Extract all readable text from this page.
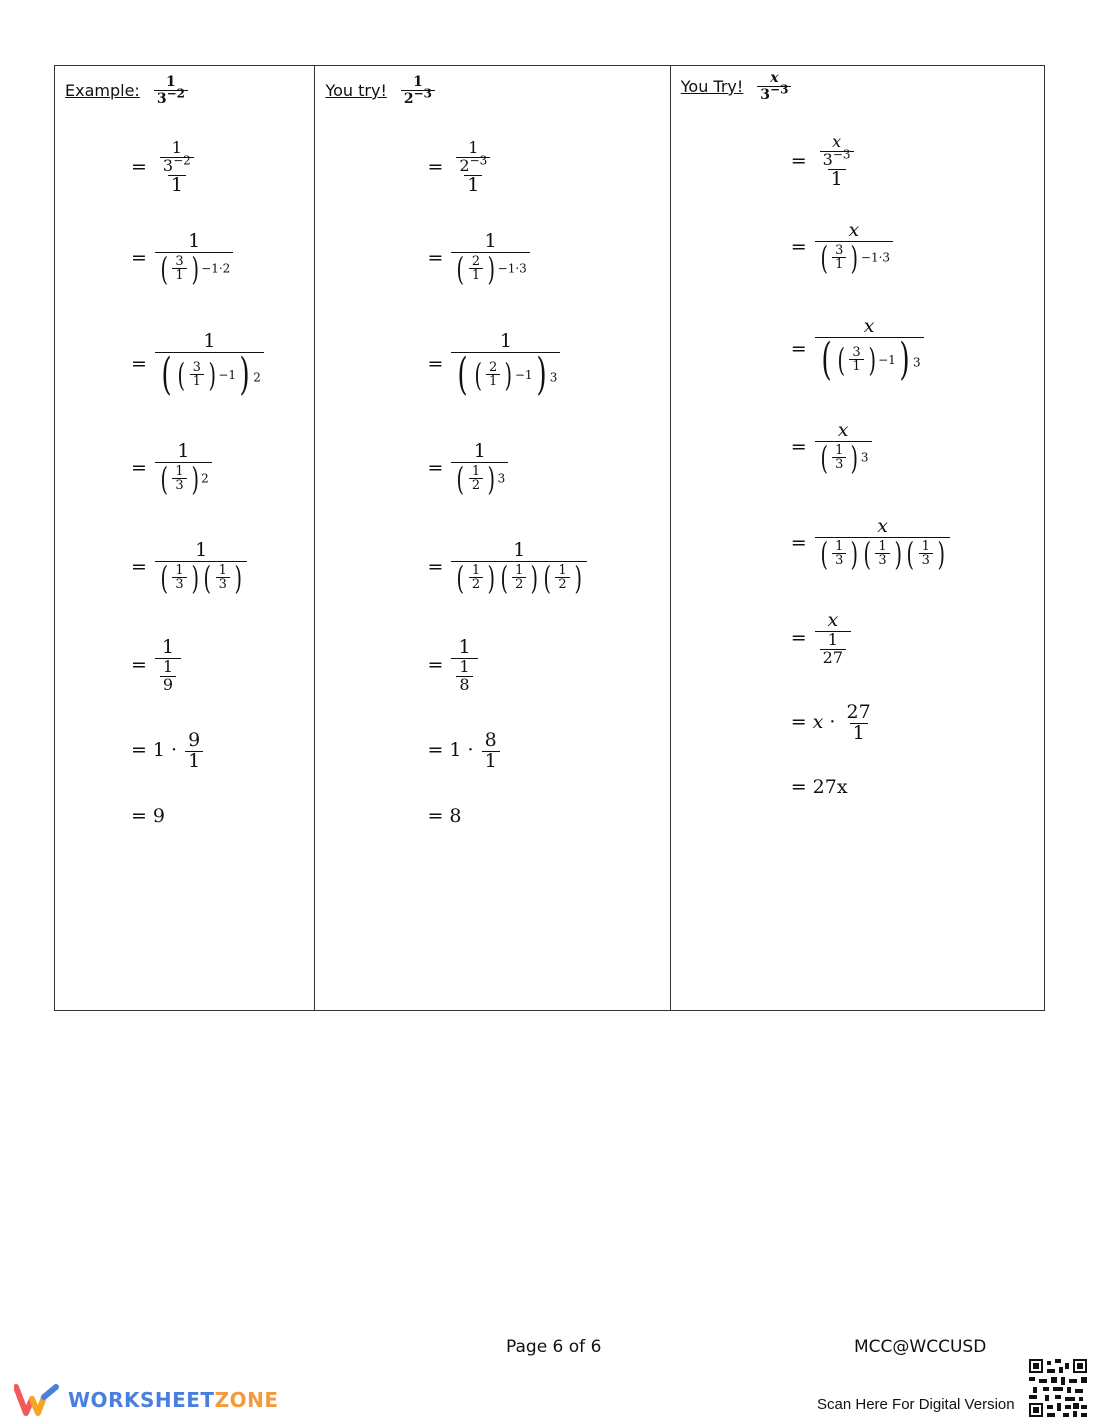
Example: $\frac{1}{3^{-2}}$
= $\frac{\frac{1}{3^{-2}}}{1}$
= $\frac{1}{( \frac{3}{1} ) ^{-1\cdot 2}}$
= $\frac{1}{( ( \frac{3}{1} ) -1 ) ^2}$
= $\frac{1}{( \frac{1}{3} ) ^2}$
= $\frac{1}{( \frac{1}{3} ) ( \frac{1}{3} )}$
= $\frac{1}{\frac{1}{9}}$
= $1 \cdot \frac{9}{1}$
= 9
You try! $\frac{1}{2^{-3}}$
= $\frac{\frac{1}{2^{-3}}}{1}$
= $\frac{1}{( \frac{2}{1} ) ^{-1\cdot 3}}$
= $\frac{1}{( ( \frac{2}{1} ) -1 ) ^3}$
= $\frac{1}{( \frac{1}{2} ) ^3}$
= $\frac{1}{( \frac{1}{2} ) ( \frac{1}{2} ) ( \frac{1}{2} )}$
= $\frac{1}{\frac{1}{8}}$
= $1 \cdot \frac{8}{1}$
= 8
You Try! $\frac{x}{3^{-3}}$
= $\frac{\frac{x}{3^{-3}}}{1}$
= $\frac{x}{( \frac{3}{1} ) ^{-1\cdot 3}}$
= $\frac{x}{( ( \frac{3}{1} ) -1 ) ^3}$
= $\frac{x}{( \frac{1}{3} ) ^3}$
= $\frac{x}{( \frac{1}{3} ) ( \frac{1}{3} ) ( \frac{1}{3} )}$
= $\frac{x}{\frac{1}{27}}$
= $x \cdot \frac{27}{1}$
= 27x
Page 6 of 6	MCC@WCCUSD
WORKSHEETZONE	Scan Here For Digital Version
